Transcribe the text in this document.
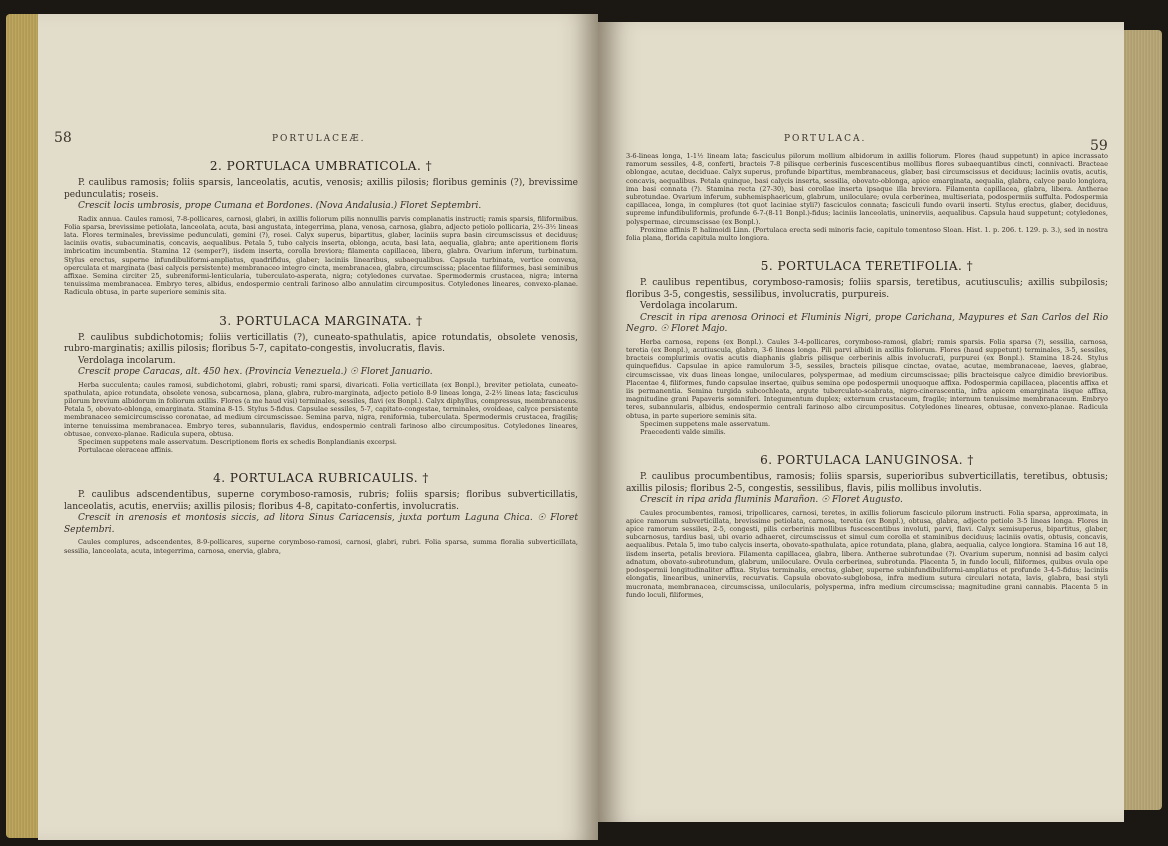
58	PORTULACEÆ.
2. PORTULACA UMBRATICOLA. †

P. caulibus ramosis; foliis sparsis, lanceolatis, acutis, venosis; axillis pilosis; floribus geminis (?), brevissime pedunculatis; roseis.

Crescit locis umbrosis, prope Cumana et Bordones. (Nova Andalusia.) Floret Septembri.

Radix annua. Caules ramosi, 7-8-pollicares, carnosi, glabri, in axillis foliorum pilis nonnullis parvis complanatis instructi; ramis sparsis, filiformibus. Folia sparsa, brevissime petiolata, lanceolata, acuta, basi angustata, integerrima, plana, venosa, carnosa, glabra, adjecto petiolo pollicaria, 2½-3½ lineas lata. Flores terminales, brevissime pedunculati, gemini (?), rosei. Calyx superus, bipartitus, glaber, laciniis supra basin circumscissus et deciduus; laciniis ovatis, subacuminatis, concavis, aequalibus. Petala 5, tubo calycis inserta, oblonga, acuta, basi lata, aequalia, glabra; ante aperitionem floris imbricatim incumbentia. Stamina 12 (semper?), iisdem inserta, corolla breviora; filamenta capillacea, libera, glabra. Ovarium inferum, turbinatum. Stylus erectus, superne infundibuliformi-ampliatus, quadrifidus, glaber; laciniis linearibus, subaequalibus. Capsula turbinata, vertice convexa, operculata et marginata (basi calycis persistente) membranaceo integro cincta, membranacea, glabra, circumscissa; placentae filiformes, basi seminibus affixae. Semina circiter 25, subreniformi-lenticularia, tuberculato-asperata, nigra; cotyledones curvatae. Spermodermis crustacea, nigra; interna tenuissima membranacea. Embryo teres, albidus, endospermio centrali farinoso albo annulatim circumpositus. Cotyledones lineares, convexo-planae. Radicula obtusa, in parte superiore seminis sita.

3. PORTULACA MARGINATA. †

P. caulibus subdichotomis; foliis verticillatis (?), cuneato-spathulatis, apice rotundatis, obsolete venosis, rubro-marginatis; axillis pilosis; floribus 5-7, capitato-congestis, involucratis, flavis.

Verdolaga incolarum.

Crescit prope Caracas, alt. 450 hex. (Provincia Venezuela.) ☉ Floret Januario.

Herba succulenta; caules ramosi, subdichotomi, glabri, robusti; rami sparsi, divaricati. Folia verticillata (ex Bonpl.), breviter petiolata, cuneato-spathulata, apice rotundata, obsolete venosa, subcarnosa, plana, glabra, rubro-marginata, adjecto petiolo 8-9 lineas longa, 2-2½ lineas lata; fasciculus pilorum brevium albidorum in foliorum axillis. Flores (a me haud visi) terminales, sessiles, flavi (ex Bonpl.). Calyx diphyllus, compressus, membranaceus. Petala 5, obovato-oblonga, emarginata. Stamina 8-15. Stylus 5-fidus. Capsulae sessiles, 5-7, capitato-congestae, terminales, ovoideae, calyce persistente membranaceo semicircumscisso coronatae, ad medium circumscissae. Semina parva, nigra, reniformia, tuberculata. Spermodermis crustacea, fragilis; interne tenuissima membranacea. Embryo teres, subannularis, flavidus, endospermio centrali farinoso albo circumpositus. Cotyledones lineares, obtusae, convexo-planae. Radicula supera, obtusa.

Specimen suppetens male asservatum. Descriptionem floris ex schedis Bonplandianis excerpsi.

Portulacae oleraceae affinis.

4. PORTULACA RUBRICAULIS. †

P. caulibus adscendentibus, superne corymboso-ramosis, rubris; foliis sparsis; floribus subverticillatis, lanceolatis, acutis, enerviis; axillis pilosis; floribus 4-8, capitato-confertis, involucratis.

Crescit in arenosis et montosis siccis, ad litora Sinus Cariacensis, juxta portum Laguna Chica. ☉ Floret Septembri.

Caules complures, adscendentes, 8-9-pollicares, superne corymboso-ramosi, carnosi, glabri, rubri. Folia sparsa, summa floralia subverticillata, sessilia, lanceolata, acuta, integerrima, carnosa, enervia, glabra,

PORTULACA.	59

3-6-lineas longa, 1-1½ lineam lata; fasciculus pilorum mollium albidorum in axillis foliorum. Flores (haud suppetunt) in apice incrassato ramorum sessiles, 4-8, conferti, bracteis 7-8 pilisque cerberinis fuscescentibus mollibus flores subaequantibus cincti, connivacti. Bracteae oblongae, acutae, deciduae. Calyx superus, profunde bipartitus, membranaceus, glaber, basi circumscissus et deciduus; laciniis ovatis, acutis, concavis, aequalibus. Petala quinque, basi calycis inserta, sessilia, obovato-oblonga, apice emarginata, aequalia, glabra, calyce paulo longiora, ima basi connata (?). Stamina recta (27-30), basi corollae inserta ipsaque illa breviora. Filamenta capillacea, glabra, libera. Antherae subrotundae. Ovarium inferum, subhemisphaericum, glabrum, uniloculare; ovula cerberinea, multiseriata, podospermiis suffulta. Podospermia capillacea, longa, in complures (tot quot laciniae styli?) fasciculos connata; fasciculi fundo ovarii inserti. Stylus erectus, glaber, deciduus, supreme infundibuliformis, profunde 6-7-(8-11 Bonpl.)-fidus; laciniis lanceolatis, uninerviis, aequalibus. Capsula haud suppetunt; cotyledones, polyspermae, circumscissae (ex Bonpl.).

Proxime affinis P. halimoidi Linn. (Portulaca erecta sedi minoris facie, capitulo tomentoso Sloan. Hist. 1. p. 206. t. 129. p. 3.), sed in nostra folia plana, florida capitula multo longiora.

5. PORTULACA TERETIFOLIA. †

P. caulibus repentibus, corymboso-ramosis; foliis sparsis, teretibus, acutiusculis; axillis subpilosis; floribus 3-5, congestis, sessilibus, involucratis, purpureis.

Verdolaga incolarum.

Crescit in ripa arenosa Orinoci et Fluminis Nigri, prope Carichana, Maypures et San Carlos del Rio Negro. ☉ Floret Majo.

Herba carnosa, repens (ex Bonpl.). Caules 3-4-pollicares, corymboso-ramosi, glabri; ramis sparsis. Folia sparsa (?), sessilia, carnosa, teretia (ex Bonpl.), acutiuscula, glabra, 3-6 lineas longa. Pili parvi albidi in axillis foliorum. Flores (haud suppetunt) terminales, 3-5, sessiles, bracteis complurimis ovatis acutis diaphanis glabris pilisque cerberinis albis involucrati, purpurei (ex Bonpl.). Stamina 18-24. Stylus quinquefidus. Capsulae in apice ramulorum 3-5, sessiles, bracteis pilisque cinctae, ovatae, acutae, membranaceae, laeves, glabrae, circumscissae, vix duas lineas longae, uniloculares, polyspermae, ad medium circumscissae; pilis bracteisque calyce dimidio brevioribus. Placentae 4, filiformes, fundo capsulae insertae, quibus semina ope podospermii unoquoque affixa. Podospermia capillacea, placentis affixa et iis permanentia. Semina turgida subcochleata, argute tuberculato-scabrata, nigro-cinerascentia, infra apicem emarginata iisque affixa, magnitudine grani Papaveris somniferi. Integumentum duplex; externum crustaceum, fragile; internum tenuissime membranaceum. Embryo teres, subannularis, albidus, endospermio centrali farinoso albo circumpositus. Cotyledones lineares, obtusae, convexo-planae. Radicula obtusa, in parte superiore seminis sita.

Specimen suppetens male asservatum.

Praecedenti valde similis.

6. PORTULACA LANUGINOSA. †

P. caulibus procumbentibus, ramosis; foliis sparsis, superioribus subverticillatis, teretibus, obtusis; axillis pilosis; floribus 2-5, congestis, sessilibus, flavis, pilis mollibus involutis.

Crescit in ripa arida fluminis Marañon. ☉ Floret Augusto.

Caules procumbentes, ramosi, tripollicares, carnosi, teretes, in axillis foliorum fasciculo pilorum instructi. Folia sparsa, approximata, in apice ramorum subverticillata, brevissime petiolata, carnosa, teretia (ex Bonpl.), obtusa, glabra, adjecto petiolo 3-5 lineas longa. Flores in apice ramorum sessiles, 2-5, congesti, pilis cerberinis mollibus fuscescentibus involuti, parvi, flavi. Calyx semisuperus, bipartitus, glaber, subcarnosus, tardius basi, ubi ovario adhaeret, circumscissus et simul cum corolla et staminibus deciduus; laciniis ovatis, obtusis, concavis, aequalibus. Petala 5, imo tubo calycis inserta, obovato-spathulata, apice rotundata, plana, glabra, aequalia, calyce longiora. Stamina 16 aut 18, iisdem inserta, petalis breviora. Filamenta capillacea, glabra, libera. Antherae subrotundae (?). Ovarium superum, nonnisi ad basim calyci adnatum, obovato-subrotundum, glabrum, uniloculare. Ovula cerberinea, subrotunda. Placenta 5, in fundo loculi, filiformes, quibus ovula ope podospermii longitudinaliter affixa. Stylus terminalis, erectus, glaber, superne subinfundibuliformi-ampliatus et profunde 3-4-5-fidus; laciniis elongatis, linearibus, uninerviis, recurvatis. Capsula obovato-subglobosa, infra medium sutura circulari notata, lavis, glabra, basi styli mucronata, membranacea, circumscissa, unilocularis, polysperma, infra medium circumscissa; magnitudine grani cannabis. Placenta 5 in fundo loculi, filiformes,
